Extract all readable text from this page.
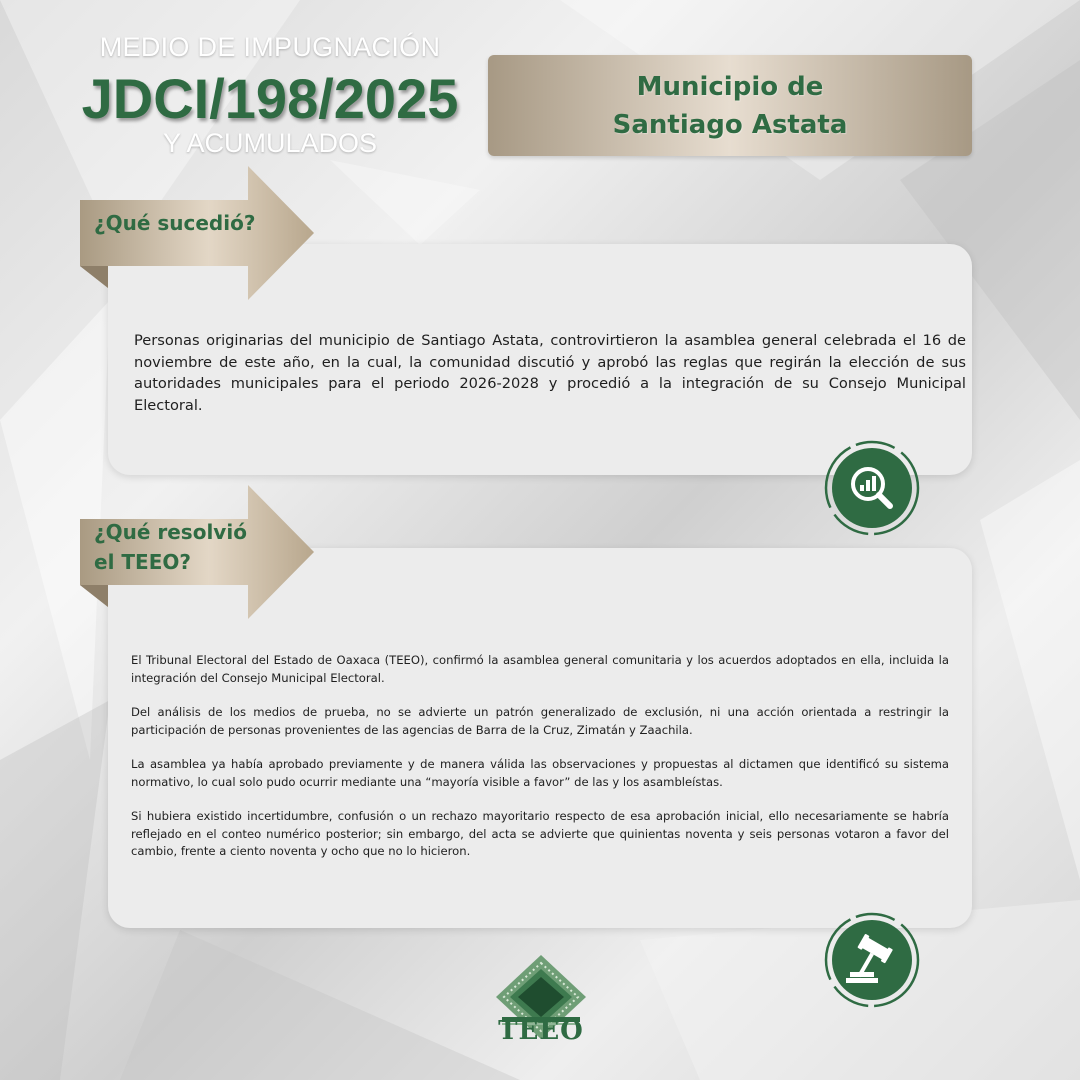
MEDIO DE IMPUGNACIÓN
JDCI/198/2025
Y ACUMULADOS
Municipio de
Santiago Astata
¿Qué sucedió?

Personas originarias del municipio de Santiago Astata, controvirtieron la asamblea general celebrada el 16 de noviembre de este año, en la cual, la comunidad discutió y aprobó las reglas que regirán la elección de sus autoridades municipales para el periodo 2026-2028 y procedió a la integración de su Consejo Municipal Electoral.

¿Qué resolvió
el TEEO?

El Tribunal Electoral del Estado de Oaxaca (TEEO), confirmó la asamblea general comunitaria y los acuerdos adoptados en ella, incluida la integración del Consejo Municipal Electoral.

Del análisis de los medios de prueba, no se advierte un patrón generalizado de exclusión, ni una acción orientada a restringir la participación de personas provenientes de las agencias de Barra de la Cruz, Zimatán y Zaachila.

La asamblea ya había aprobado previamente y de manera válida las observaciones y propuestas al dictamen que identificó su sistema normativo, lo cual solo pudo ocurrir mediante una “mayoría visible a favor” de las y los asambleístas.

Si hubiera existido incertidumbre, confusión o un rechazo mayoritario respecto de esa aprobación inicial, ello necesariamente se habría reflejado en el conteo numérico posterior; sin embargo, del acta se advierte que quinientas noventa y seis personas votaron a favor del cambio, frente a ciento noventa y ocho que no lo hicieron.

TEEO
